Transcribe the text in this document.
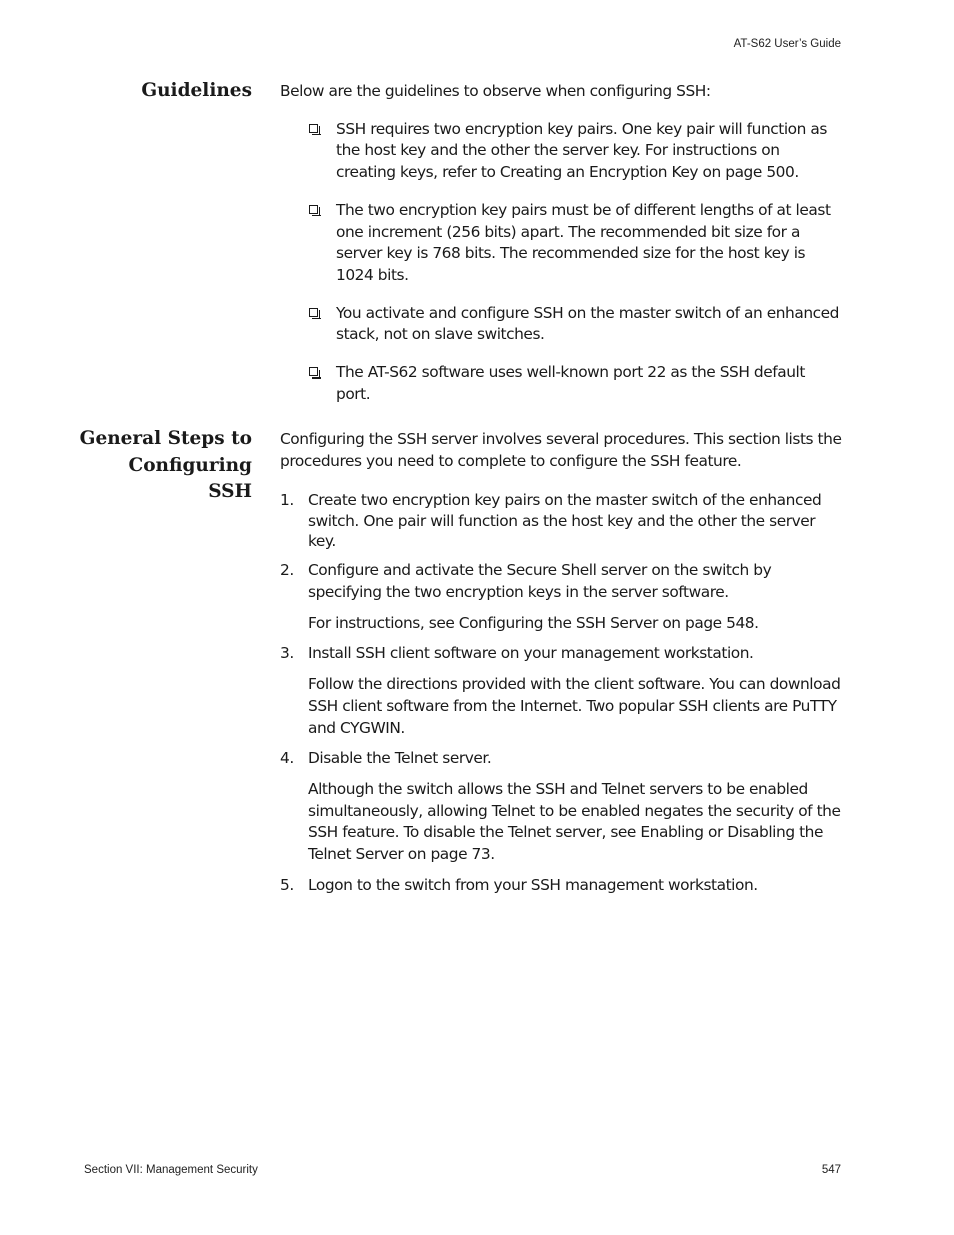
AT-S62 User’s Guide
Guidelines Below are the guidelines to observe when configuring SSH:

SSH requires two encryption key pairs. One key pair will function as the host key and the other the server key. For instructions on creating keys, refer to Creating an Encryption Key on page 500.
The two encryption key pairs must be of different lengths of at least one increment (256 bits) apart. The recommended bit size for a server key is 768 bits. The recommended size for the host key is 1024 bits.
You activate and configure SSH on the master switch of an enhanced stack, not on slave switches.
The AT-S62 software uses well-known port 22 as the SSH default port.
General Steps to
Configuring
SSH

Configuring the SSH server involves several procedures. This section lists the procedures you need to complete to configure the SSH feature.

1. Create two encryption key pairs on the master switch of the enhanced switch. One pair will function as the host key and the other the server key.

2. Configure and activate the Secure Shell server on the switch by specifying the two encryption keys in the server software.

For instructions, see Configuring the SSH Server on page 548.

3. Install SSH client software on your management workstation.

Follow the directions provided with the client software. You can download SSH client software from the Internet. Two popular SSH clients are PuTTY and CYGWIN.

4. Disable the Telnet server.

Although the switch allows the SSH and Telnet servers to be enabled simultaneously, allowing Telnet to be enabled negates the security of the SSH feature. To disable the Telnet server, see Enabling or Disabling the Telnet Server on page 73.

5. Logon to the switch from your SSH management workstation.

Section VII: Management Security	547
